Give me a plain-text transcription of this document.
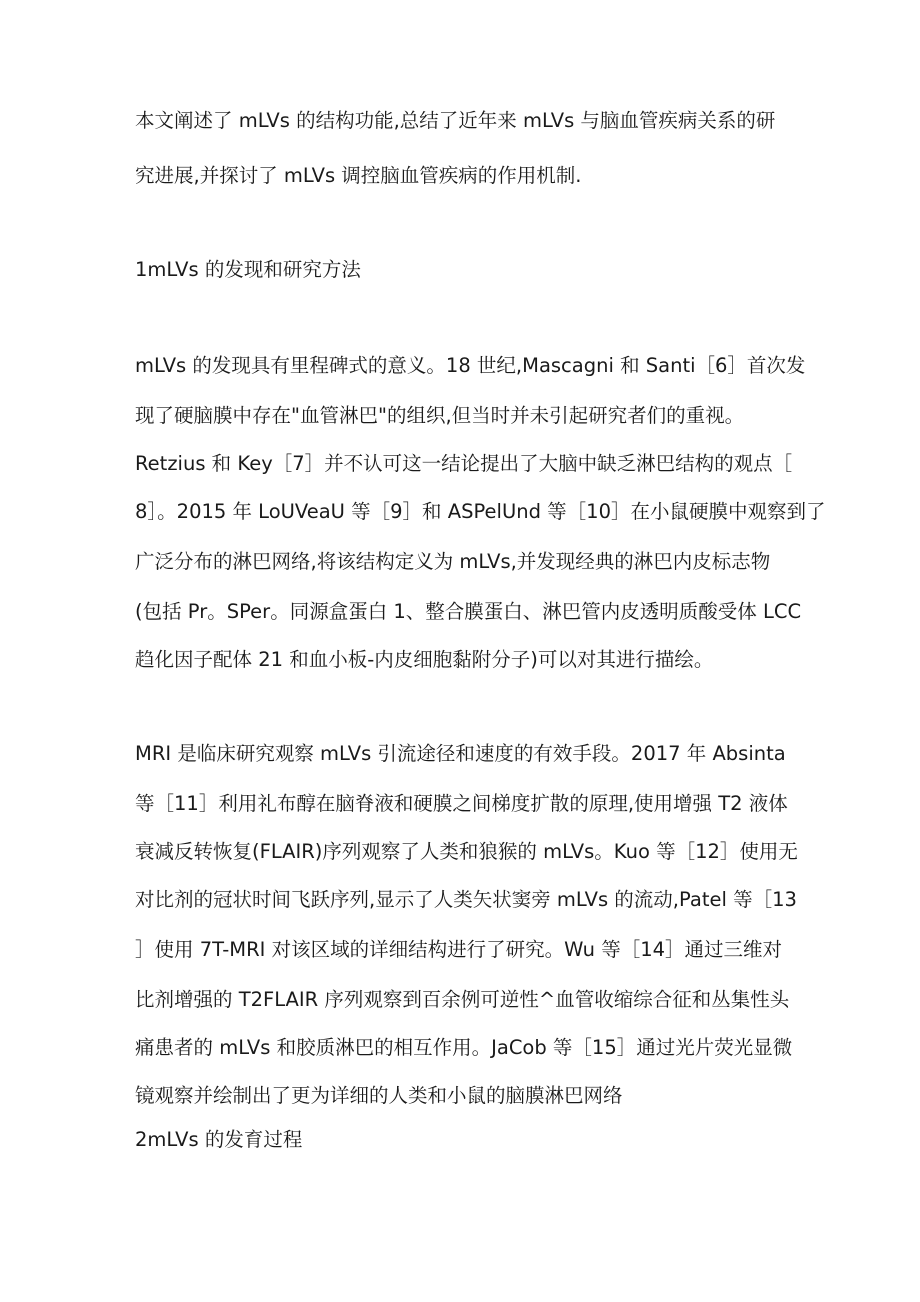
本文阐述了 mLVs 的结构功能,总结了近年来 mLVs 与脑血管疾病关系的研
究进展,并探讨了 mLVs 调控脑血管疾病的作用机制.
1mLVs 的发现和研究方法
mLVs 的发现具有里程碑式的意义。18 世纪,Mascagni 和 Santi［6］首次发
现了硬脑膜中存在"血管淋巴"的组织,但当时并未引起研究者们的重视。
Retzius 和 Key［7］并不认可这一结论提出了大脑中缺乏淋巴结构的观点［
8］。2015 年 LoUVeaU 等［9］和 ASPelUnd 等［10］在小鼠硬膜中观察到了
广泛分布的淋巴网络,将该结构定义为 mLVs,并发现经典的淋巴内皮标志物
(包括 Pr。SPer。同源盒蛋白 1、整合膜蛋白、淋巴管内皮透明质酸受体 LCC
趋化因子配体 21 和血小板-内皮细胞黏附分子)可以对其进行描绘。
MRI 是临床研究观察 mLVs 引流途径和速度的有效手段。2017 年 Absinta
等［11］利用礼布醇在脑脊液和硬膜之间梯度扩散的原理,使用增强 T2 液体
衰减反转恢复(FLAIR)序列观察了人类和狼猴的 mLVs。Kuo 等［12］使用无
对比剂的冠状时间飞跃序列,显示了人类矢状窦旁 mLVs 的流动,Patel 等［13
］使用 7T-MRI 对该区域的详细结构进行了研究。Wu 等［14］通过三维对
比剂增强的 T2FLAIR 序列观察到百余例可逆性^血管收缩综合征和丛集性头
痛患者的 mLVs 和胶质淋巴的相互作用。JaCob 等［15］通过光片荧光显微
镜观察并绘制出了更为详细的人类和小鼠的脑膜淋巴网络
2mLVs 的发育过程
